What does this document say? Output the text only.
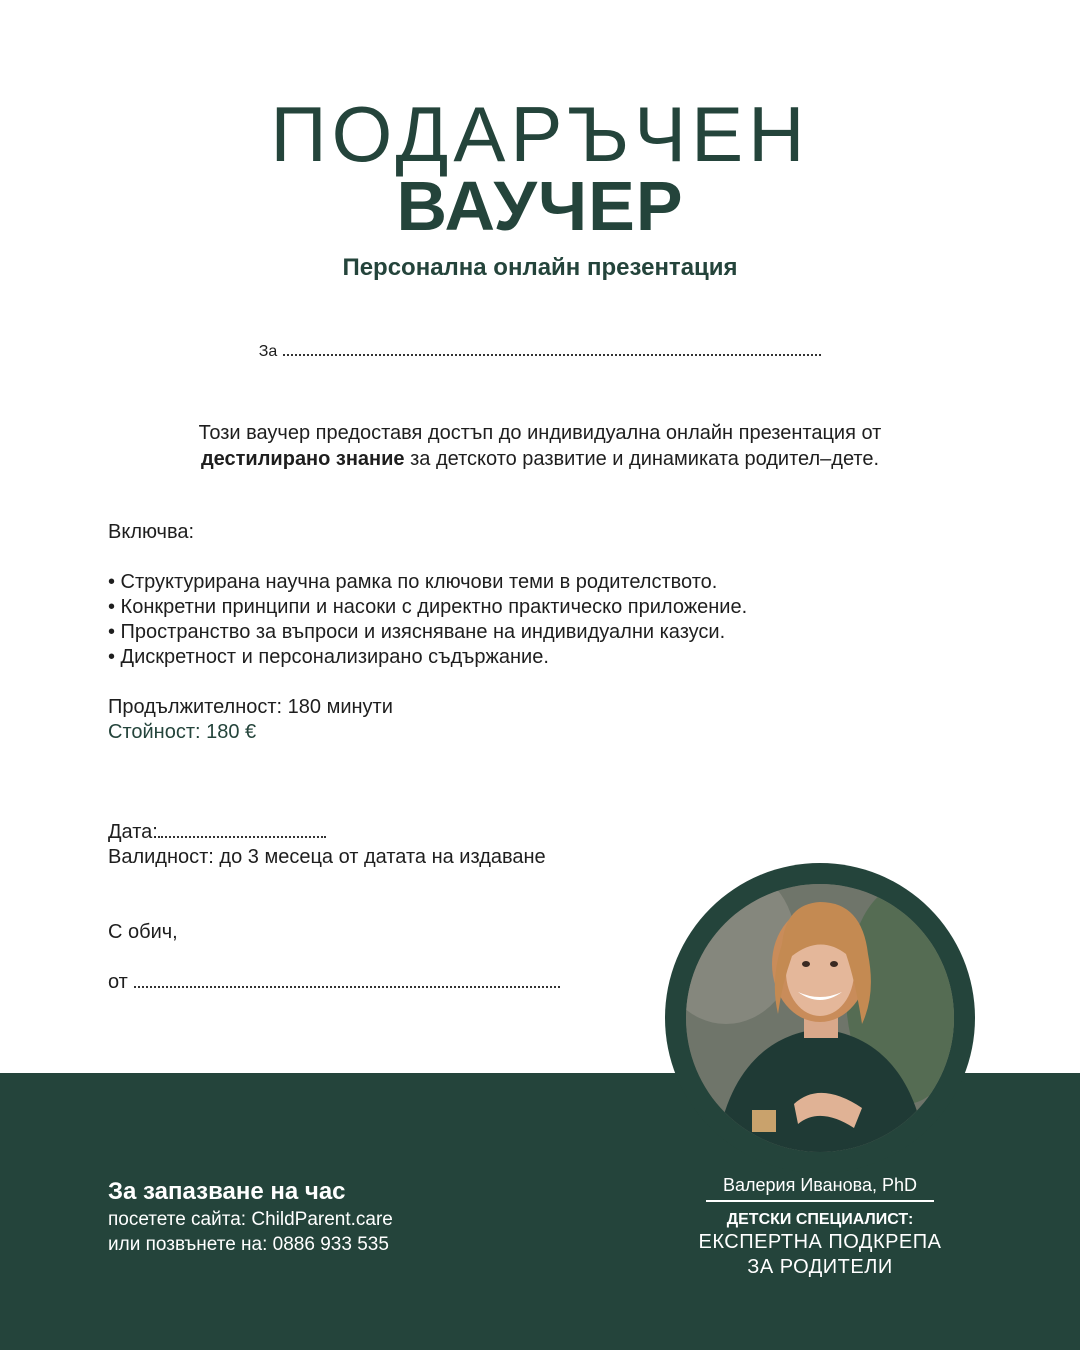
ПОДАРЪЧЕН
ВАУЧЕР
Персонална онлайн презентация
За
Този ваучер предоставя достъп до индивидуална онлайн презентация от
дестилирано знание за детското развитие и динамиката родител–дете.
Включва:
• Структурирана научна рамка по ключови теми в родителството.
• Конкретни принципи и насоки с директно практическо приложение.
• Пространство за въпроси и изясняване на индивидуални казуси.
• Дискретност и персонализирано съдържание.
Продължителност: 180 минути
Стойност: 180 €
Дата:
Валидност: до 3 месеца от датата на издаване
С обич,
от
За запазване на час
посетете сайта: ChildParent.care
или позвънете на: 0886 933 535
Валерия Иванова, PhD
ДЕТСКИ СПЕЦИАЛИСТ:
ЕКСПЕРТНА ПОДКРЕПА
ЗА РОДИТЕЛИ
